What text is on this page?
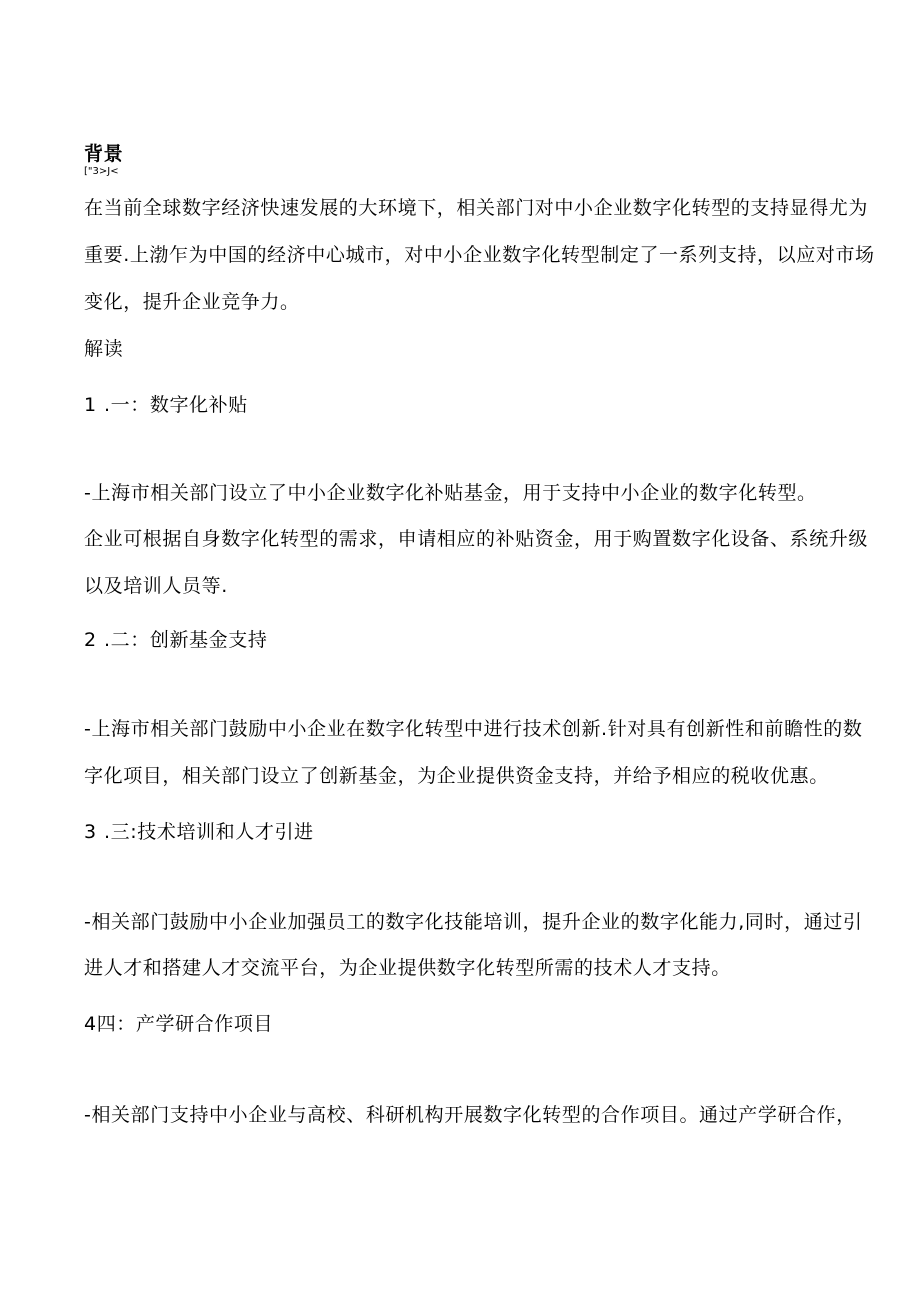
背景
["3>J<
在当前全球数字经济快速发展的大环境下，相关部门对中小企业数字化转型的支持显得尤为
重要.上渤乍为中国的经济中心城市，对中小企业数字化转型制定了一系列支持，以应对市场
变化，提升企业竞争力。
解读
1 .一：数字化补贴
-上海市相关部门设立了中小企业数字化补贴基金，用于支持中小企业的数字化转型。
企业可根据自身数字化转型的需求，申请相应的补贴资金，用于购置数字化设备、系统升级
以及培训人员等.
2 .二：创新基金支持
-上海市相关部门鼓励中小企业在数字化转型中进行技术创新.针对具有创新性和前瞻性的数
字化项目，相关部门设立了创新基金，为企业提供资金支持，并给予相应的税收优惠。
3 .三:技术培训和人才引进
-相关部门鼓励中小企业加强员工的数字化技能培训，提升企业的数字化能力,同时，通过引
进人才和搭建人才交流平台，为企业提供数字化转型所需的技术人才支持。
4四：产学研合作项目
-相关部门支持中小企业与高校、科研机构开展数字化转型的合作项目。通过产学研合作，
